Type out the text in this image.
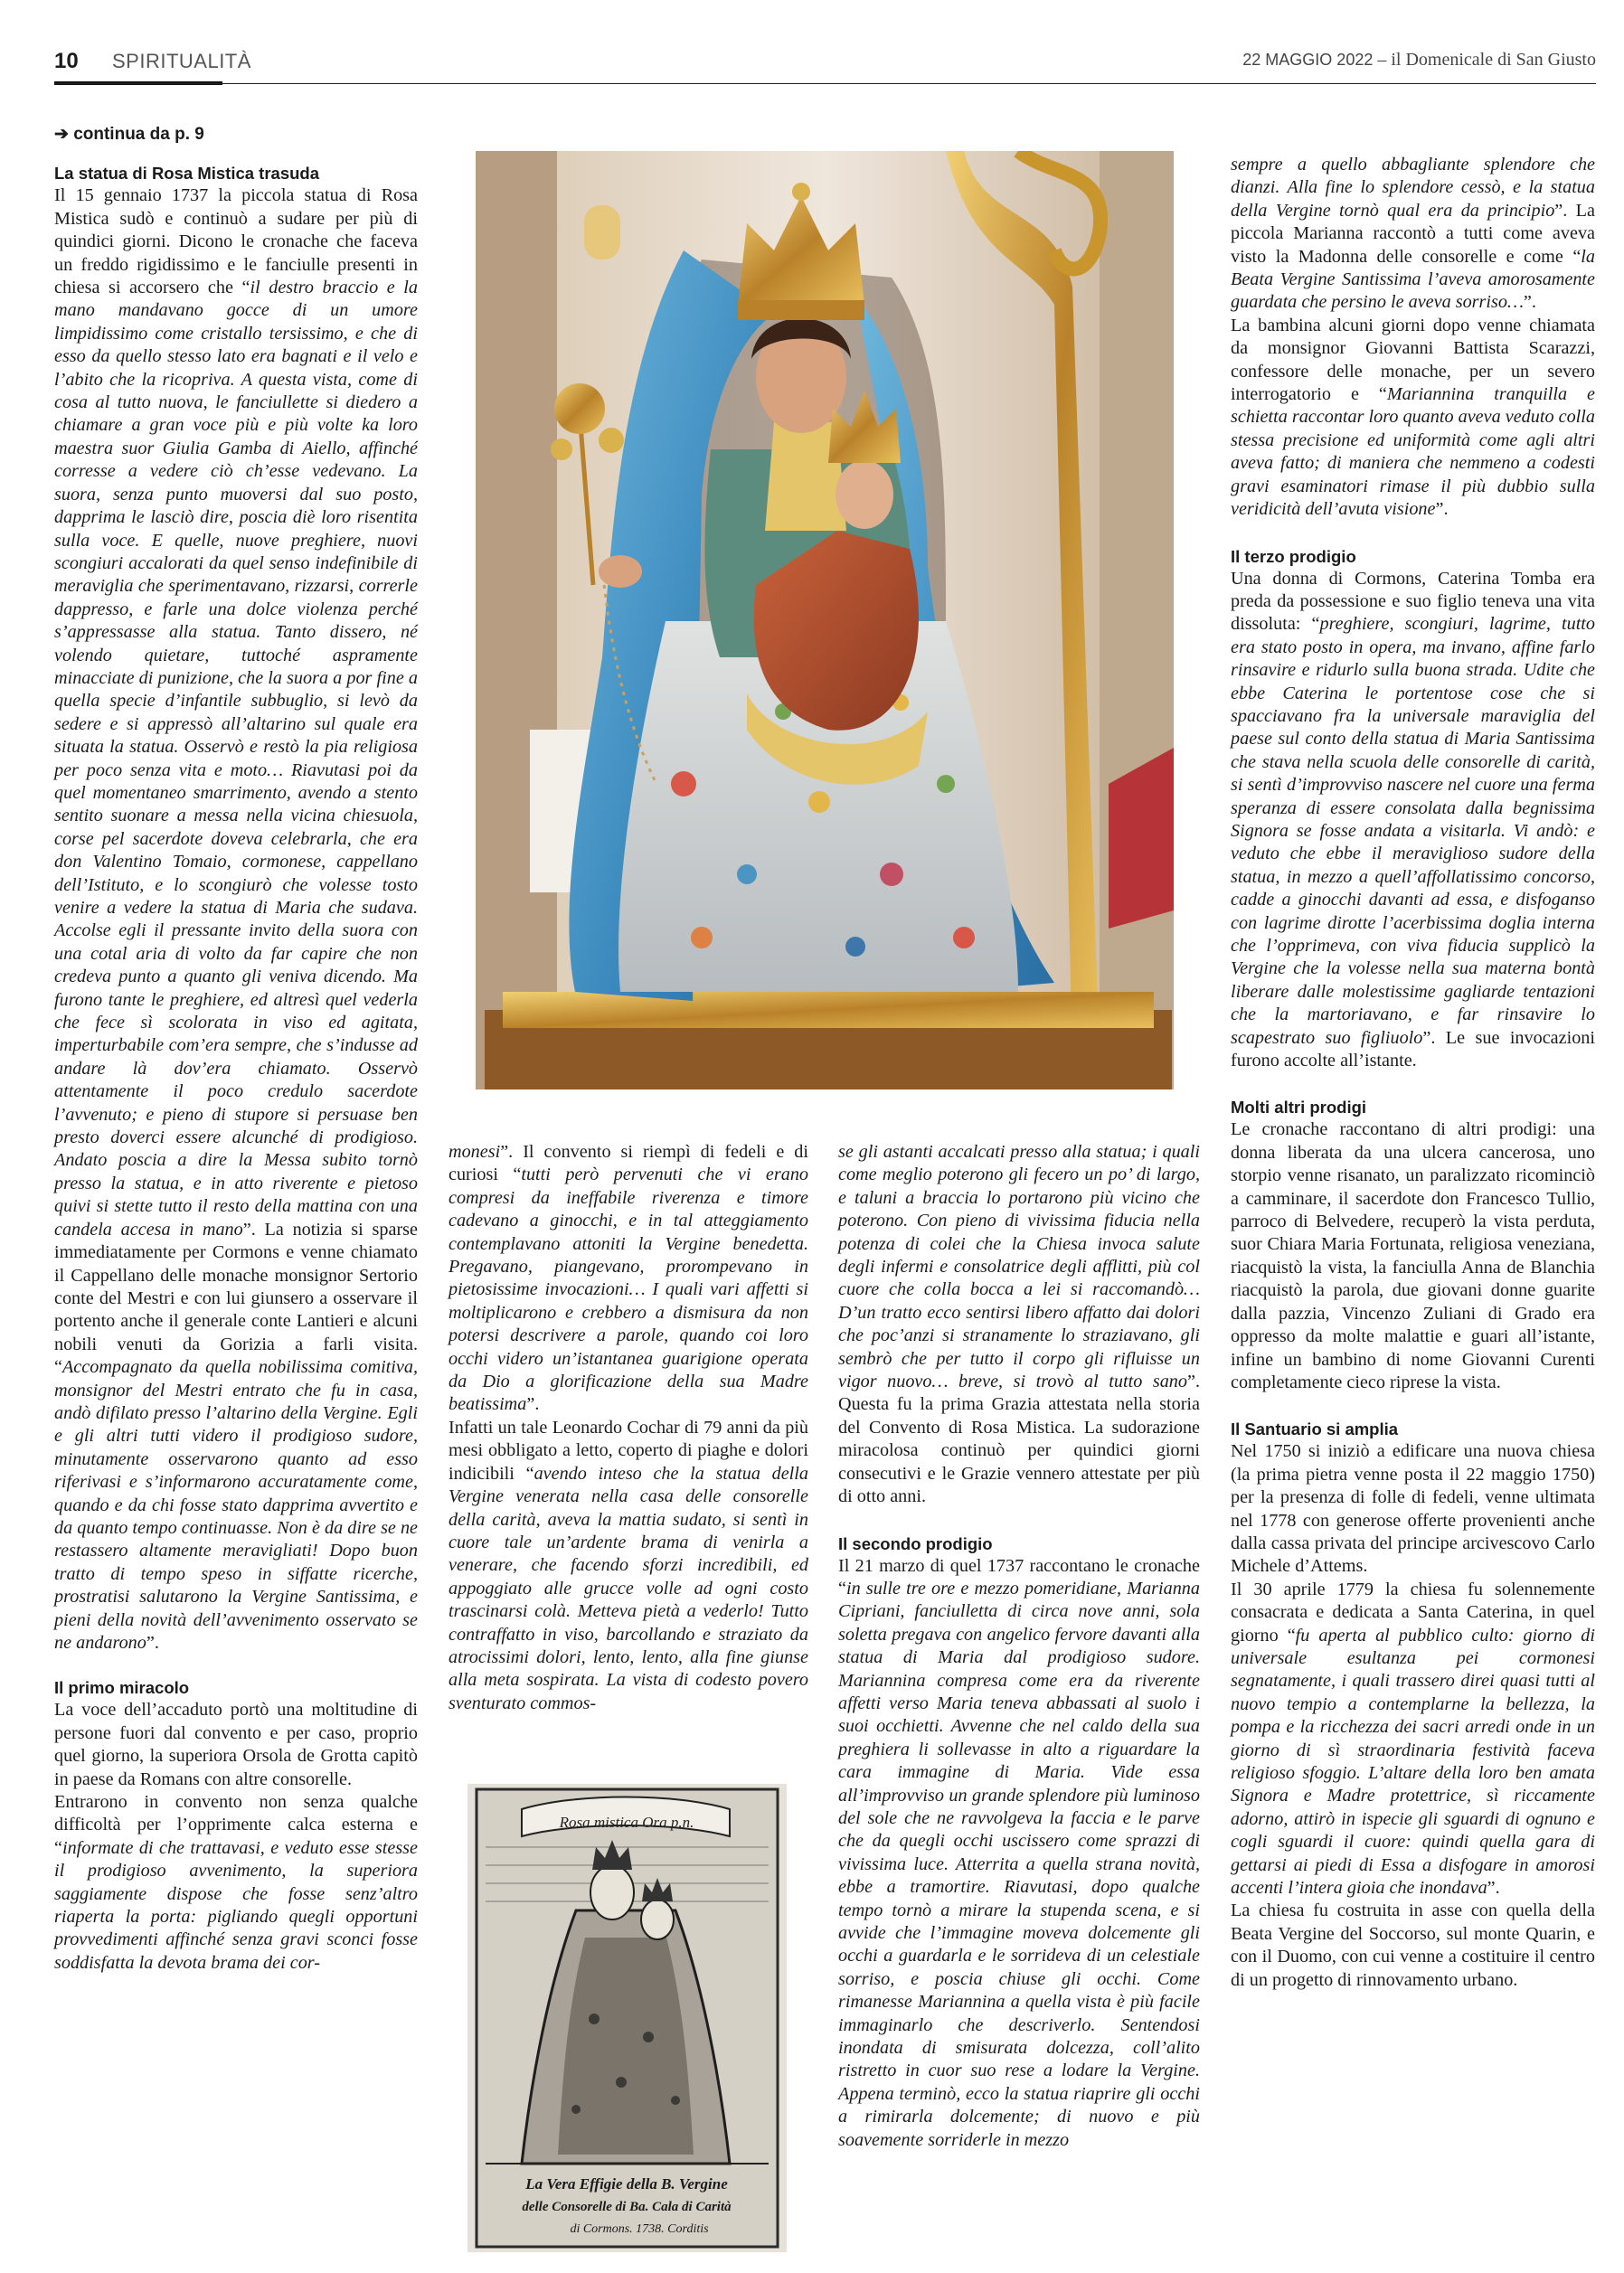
10 SPIRITUALITÀ	22 MAGGIO 2022 – il Domenicale di San Giusto
➔ continua da p. 9
La statua di Rosa Mistica trasuda

Il 15 gennaio 1737 la piccola statua di Rosa Mistica sudò e continuò a sudare per più di quindici giorni. Dicono le cronache che faceva un freddo rigidissimo e le fanciulle presenti in chiesa si accorsero che “il destro braccio e la mano mandavano gocce di un umore limpidissimo come cristallo tersissimo, e che di esso da quello stesso lato era bagnati e il velo e l’abito che la ricopriva. A questa vista, come di cosa al tutto nuova, le fanciullette si diedero a chiamare a gran voce più e più volte ka loro maestra suor Giulia Gamba di Aiello, affinché corresse a vedere ciò ch’esse vedevano. La suora, senza punto muoversi dal suo posto, dapprima le lasciò dire, poscia diè loro risentita sulla voce. E quelle, nuove preghiere, nuovi scongiuri accalorati da quel senso indefinibile di meraviglia che sperimentavano, rizzarsi, correrle dappresso, e farle una dolce violenza perché s’appressasse alla statua. Tanto dissero, né volendo quietare, tuttoché aspramente minacciate di punizione, che la suora a por fine a quella specie d’infantile subbuglio, si levò da sedere e si appressò all’altarino sul quale era situata la statua. Osservò e restò la pia religiosa per poco senza vita e moto… Riavutasi poi da quel momentaneo smarrimento, avendo a stento sentito suonare a messa nella vicina chiesuola, corse pel sacerdote doveva celebrarla, che era don Valentino Tomaio, cormonese, cappellano dell’Istituto, e lo scongiurò che volesse tosto venire a vedere la statua di Maria che sudava. Accolse egli il pressante invito della suora con una cotal aria di volto da far capire che non credeva punto a quanto gli veniva dicendo. Ma furono tante le preghiere, ed altresì quel vederla che fece sì scolorata in viso ed agitata, imperturbabile com’era sempre, che s’indusse ad andare là dov’era chiamato. Osservò attentamente il poco credulo sacerdote l’avvenuto; e pieno di stupore si persuase ben presto doverci essere alcunché di prodigioso. Andato poscia a dire la Messa subito tornò presso la statua, e in atto riverente e pietoso quivi si stette tutto il resto della mattina con una candela accesa in mano”. La notizia si sparse immediatamente per Cormons e venne chiamato il Cappellano delle monache monsignor Sertorio conte del Mestri e con lui giunsero a osservare il portento anche il generale conte Lantieri e alcuni nobili venuti da Gorizia a farli visita. “Accompagnato da quella nobilissima comitiva, monsignor del Mestri entrato che fu in casa, andò difilato presso l’altarino della Vergine. Egli e gli altri tutti videro il prodigioso sudore, minutamente osservarono quanto ad esso riferivasi e s’informarono accuratamente come, quando e da chi fosse stato dapprima avvertito e da quanto tempo continuasse. Non è da dire se ne restassero altamente meravigliati! Dopo buon tratto di tempo speso in siffatte ricerche, prostratisi salutarono la Vergine Santissima, e pieni della novità dell’avvenimento osservato se ne andarono”.

Il primo miracolo

La voce dell’accaduto portò una moltitudine di persone fuori dal convento e per caso, proprio quel giorno, la superiora Orsola de Grotta capitò in paese da Romans con altre consorelle.

Entrarono in convento non senza qualche difficoltà per l’opprimente calca esterna e “informate di che trattavasi, e veduto esse stesse il prodigioso avvenimento, la superiora saggiamente dispose che fosse senz’altro riaperta la porta: pigliando quegli opportuni provvedimenti affinché senza gravi sconci fosse soddisfatta la devota brama dei cor-

monesi”. Il convento si riempì di fedeli e di curiosi “tutti però pervenuti che vi erano compresi da ineffabile riverenza e timore cadevano a ginocchi, e in tal atteggiamento contemplavano attoniti la Vergine benedetta. Pregavano, piangevano, prorompevano in pietosissime invocazioni… I quali vari affetti si moltiplicarono e crebbero a dismisura da non potersi descrivere a parole, quando coi loro occhi videro un’istantanea guarigione operata da Dio a glorificazione della sua Madre beatissima”.

Infatti un tale Leonardo Cochar di 79 anni da più mesi obbligato a letto, coperto di piaghe e dolori indicibili “avendo inteso che la statua della Vergine venerata nella casa delle consorelle della carità, aveva la mattia sudato, si sentì in cuore tale un’ardente brama di venirla a venerare, che facendo sforzi incredibili, ed appoggiato alle grucce volle ad ogni costo trascinarsi colà. Metteva pietà a vederlo! Tutto contraffatto in viso, barcollando e straziato da atrocissimi dolori, lento, lento, alla fine giunse alla meta sospirata. La vista di codesto povero sventurato commos-

Rosa mistica Ora p.n.
La Vera Effigie della B. Vergine
delle Consorelle di Ba. Cala di Carità
di Cormons. 1738. Corditis

se gli astanti accalcati presso alla statua; i quali come meglio poterono gli fecero un po’ di largo, e taluni a braccia lo portarono più vicino che poterono. Con pieno di vivissima fiducia nella potenza di colei che la Chiesa invoca salute degli infermi e consolatrice degli afflitti, più col cuore che colla bocca a lei si raccomandò… D’un tratto ecco sentirsi libero affatto dai dolori che poc’anzi si stranamente lo straziavano, gli sembrò che per tutto il corpo gli rifluisse un vigor nuovo… breve, si trovò al tutto sano”. Questa fu la prima Grazia attestata nella storia del Convento di Rosa Mistica. La sudorazione miracolosa continuò per quindici giorni consecutivi e le Grazie vennero attestate per più di otto anni.

Il secondo prodigio

Il 21 marzo di quel 1737 raccontano le cronache “in sulle tre ore e mezzo pomeridiane, Marianna Cipriani, fanciulletta di circa nove anni, sola soletta pregava con angelico fervore davanti alla statua di Maria dal prodigioso sudore. Mariannina compresa come era da riverente affetti verso Maria teneva abbassati al suolo i suoi occhietti. Avvenne che nel caldo della sua preghiera li sollevasse in alto a riguardare la cara immagine di Maria. Vide essa all’improvviso un grande splendore più luminoso del sole che ne ravvolgeva la faccia e le parve che da quegli occhi uscissero come sprazzi di vivissima luce. Atterrita a quella strana novità, ebbe a tramortire. Riavutasi, dopo qualche tempo tornò a mirare la stupenda scena, e si avvide che l’immagine moveva dolcemente gli occhi a guardarla e le sorrideva di un celestiale sorriso, e poscia chiuse gli occhi. Come rimanesse Mariannina a quella vista è più facile immaginarlo che descriverlo. Sentendosi inondata di smisurata dolcezza, coll’alito ristretto in cuor suo rese a lodare la Vergine. Appena terminò, ecco la statua riaprire gli occhi a rimirarla dolcemente; di nuovo e più soavemente sorriderle in mezzo

sempre a quello abbagliante splendore che dianzi. Alla fine lo splendore cessò, e la statua della Vergine tornò qual era da principio”. La piccola Marianna raccontò a tutti come aveva visto la Madonna delle consorelle e come “la Beata Vergine Santissima l’aveva amorosamente guardata che persino le aveva sorriso…”.

La bambina alcuni giorni dopo venne chiamata da monsignor Giovanni Battista Scarazzi, confessore delle monache, per un severo interrogatorio e “Mariannina tranquilla e schietta raccontar loro quanto aveva veduto colla stessa precisione ed uniformità come agli altri aveva fatto; di maniera che nemmeno a codesti gravi esaminatori rimase il più dubbio sulla veridicità dell’avuta visione”.

Il terzo prodigio

Una donna di Cormons, Caterina Tomba era preda da possessione e suo figlio teneva una vita dissoluta: “preghiere, scongiuri, lagrime, tutto era stato posto in opera, ma invano, affine farlo rinsavire e ridurlo sulla buona strada. Udite che ebbe Caterina le portentose cose che si spacciavano fra la universale maraviglia del paese sul conto della statua di Maria Santissima che stava nella scuola delle consorelle di carità, si sentì d’improvviso nascere nel cuore una ferma speranza di essere consolata dalla begnissima Signora se fosse andata a visitarla. Vi andò: e veduto che ebbe il meraviglioso sudore della statua, in mezzo a quell’affollatissimo concorso, cadde a ginocchi davanti ad essa, e disfoganso con lagrime dirotte l’acerbissima doglia interna che l’opprimeva, con viva fiducia supplicò la Vergine che la volesse nella sua materna bontà liberare dalle molestissime gagliarde tentazioni che la martoriavano, e far rinsavire lo scapestrato suo figliuolo”. Le sue invocazioni furono accolte all’istante.

Molti altri prodigi

Le cronache raccontano di altri prodigi: una donna liberata da una ulcera cancerosa, uno storpio venne risanato, un paralizzato ricominciò a camminare, il sacerdote don Francesco Tullio, parroco di Belvedere, recuperò la vista perduta, suor Chiara Maria Fortunata, religiosa veneziana, riacquistò la vista, la fanciulla Anna de Blanchia riacquistò la parola, due giovani donne guarite dalla pazzia, Vincenzo Zuliani di Grado era oppresso da molte malattie e guari all’istante, infine un bambino di nome Giovanni Curenti completamente cieco riprese la vista.

Il Santuario si amplia

Nel 1750 si iniziò a edificare una nuova chiesa (la prima pietra venne posta il 22 maggio 1750) per la presenza di folle di fedeli, venne ultimata nel 1778 con generose offerte provenienti anche dalla cassa privata del principe arcivescovo Carlo Michele d’Attems.

Il 30 aprile 1779 la chiesa fu solennemente consacrata e dedicata a Santa Caterina, in quel giorno “fu aperta al pubblico culto: giorno di universale esultanza pei cormonesi segnatamente, i quali trassero direi quasi tutti al nuovo tempio a contemplarne la bellezza, la pompa e la ricchezza dei sacri arredi onde in un giorno di sì straordinaria festività faceva religioso sfoggio. L’altare della loro ben amata Signora e Madre protettrice, sì riccamente adorno, attirò in ispecie gli sguardi di ognuno e cogli sguardi il cuore: quindi quella gara di gettarsi ai piedi di Essa a disfogare in amorosi accenti l’intera gioia che inondava”.

La chiesa fu costruita in asse con quella della Beata Vergine del Soccorso, sul monte Quarin, e con il Duomo, con cui venne a costituire il centro di un progetto di rinnovamento urbano.
